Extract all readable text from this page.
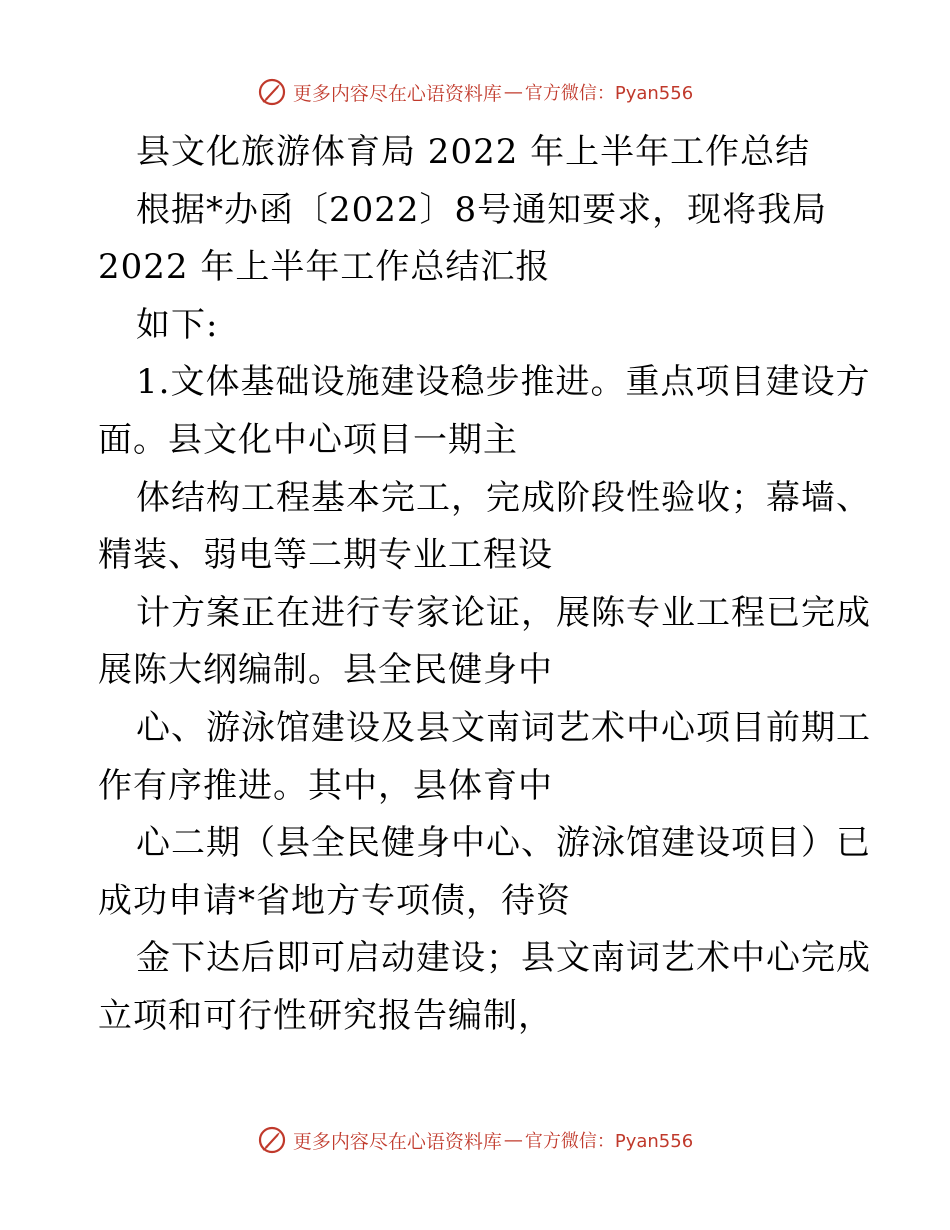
更多内容尽在心语资料库 — 官方微信：Pyan556
县文化旅游体育局 2022 年上半年工作总结
根据*办函〔2022〕8号通知要求，现将我局
2022 年上半年工作总结汇报
如下:
1.文体基础设施建设稳步推进。重点项目建设方
面。县文化中心项目一期主
体结构工程基本完工，完成阶段性验收；幕墙、
精装、弱电等二期专业工程设
计方案正在进行专家论证，展陈专业工程已完成
展陈大纲编制。县全民健身中
心、游泳馆建设及县文南词艺术中心项目前期工
作有序推进。其中，县体育中
心二期（县全民健身中心、游泳馆建设项目）已
成功申请*省地方专项债，待资
金下达后即可启动建设；县文南词艺术中心完成
立项和可行性研究报告编制，
更多内容尽在心语资料库 — 官方微信：Pyan556
